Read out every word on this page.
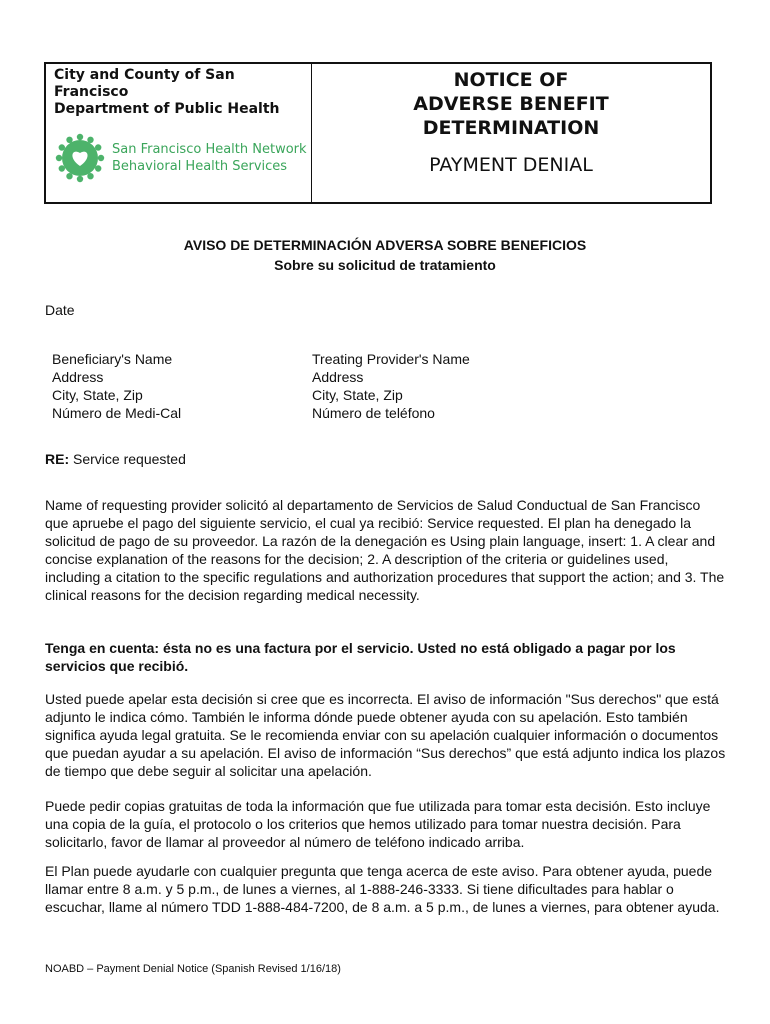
City and County of San
Francisco
Department of Public Health
San Francisco Health Network
Behavioral Health Services
NOTICE OF
ADVERSE BENEFIT
DETERMINATION
PAYMENT DENIAL
AVISO DE DETERMINACIÓN ADVERSA SOBRE BENEFICIOS
Sobre su solicitud de tratamiento
Date
Beneficiary's Name
Address
City, State, Zip
Número de Medi-Cal
Treating Provider's Name
Address
City, State, Zip
Número de teléfono
RE: Service requested

Name of requesting provider solicitó al departamento de Servicios de Salud Conductual de San Francisco que apruebe el pago del siguiente servicio, el cual ya recibió: Service requested. El plan ha denegado la solicitud de pago de su proveedor. La razón de la denegación es Using plain language, insert: 1. A clear and concise explanation of the reasons for the decision; 2. A description of the criteria or guidelines used, including a citation to the specific regulations and authorization procedures that support the action; and 3. The clinical reasons for the decision regarding medical necessity.

Tenga en cuenta: ésta no es una factura por el servicio. Usted no está obligado a pagar por los servicios que recibió.

Usted puede apelar esta decisión si cree que es incorrecta. El aviso de información "Sus derechos" que está adjunto le indica cómo. También le informa dónde puede obtener ayuda con su apelación. Esto también significa ayuda legal gratuita. Se le recomienda enviar con su apelación cualquier información o documentos que puedan ayudar a su apelación. El aviso de información “Sus derechos” que está adjunto indica los plazos de tiempo que debe seguir al solicitar una apelación.

Puede pedir copias gratuitas de toda la información que fue utilizada para tomar esta decisión. Esto incluye una copia de la guía, el protocolo o los criterios que hemos utilizado para tomar nuestra decisión. Para solicitarlo, favor de llamar al proveedor al número de teléfono indicado arriba.

El Plan puede ayudarle con cualquier pregunta que tenga acerca de este aviso. Para obtener ayuda, puede llamar entre 8 a.m. y 5 p.m., de lunes a viernes, al 1-888-246-3333. Si tiene dificultades para hablar o escuchar, llame al número TDD 1-888-484-7200, de 8 a.m. a 5 p.m., de lunes a viernes, para obtener ayuda.

NOABD – Payment Denial Notice (Spanish Revised 1/16/18)
